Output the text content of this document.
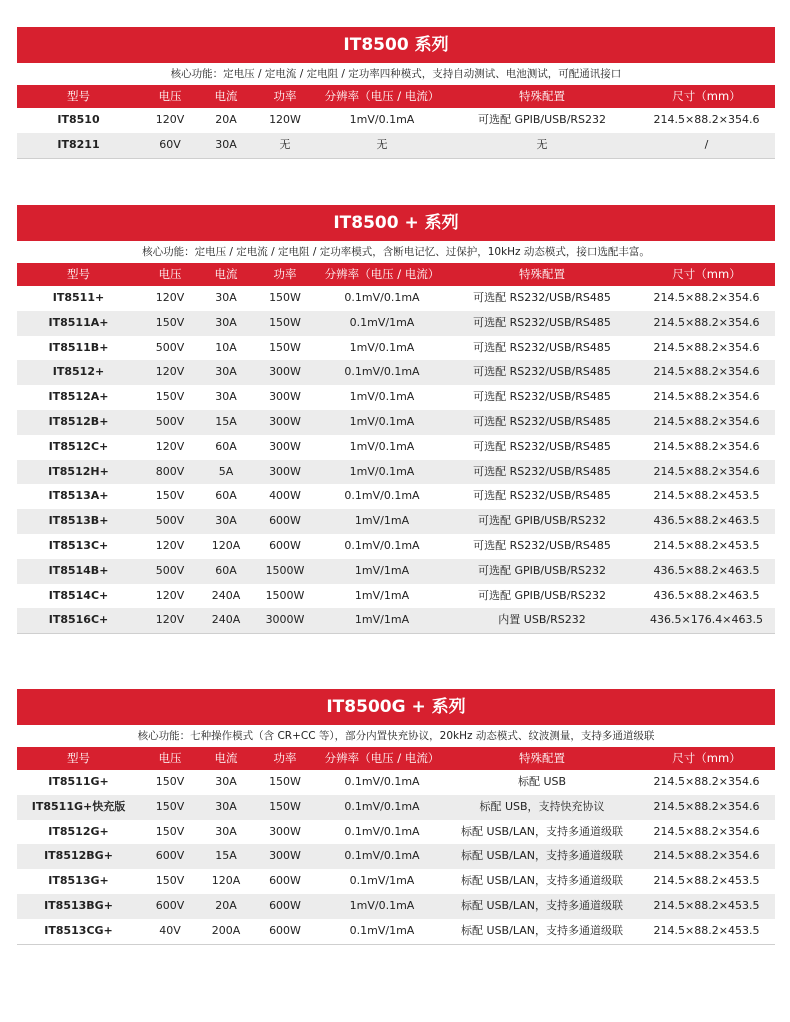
IT8500 系列
核心功能：定电压 / 定电流 / 定电阻 / 定功率四种模式，支持自动测试、电池测试，可配通讯接口
型号	电压	电流	功率	分辨率（电压 / 电流）	特殊配置	尺寸（mm）
IT8510	120V	20A	120W	1mV/0.1mA	可选配 GPIB/USB/RS232	214.5×88.2×354.6
IT8211	60V	30A	无	无	无	/
IT8500 + 系列
核心功能：定电压 / 定电流 / 定电阻 / 定功率模式，含断电记忆、过保护，10kHz 动态模式，接口选配丰富。
型号	电压	电流	功率	分辨率（电压 / 电流）	特殊配置	尺寸（mm）
IT8511+	120V	30A	150W	0.1mV/0.1mA	可选配 RS232/USB/RS485	214.5×88.2×354.6
IT8511A+	150V	30A	150W	0.1mV/1mA	可选配 RS232/USB/RS485	214.5×88.2×354.6
IT8511B+	500V	10A	150W	1mV/0.1mA	可选配 RS232/USB/RS485	214.5×88.2×354.6
IT8512+	120V	30A	300W	0.1mV/0.1mA	可选配 RS232/USB/RS485	214.5×88.2×354.6
IT8512A+	150V	30A	300W	1mV/0.1mA	可选配 RS232/USB/RS485	214.5×88.2×354.6
IT8512B+	500V	15A	300W	1mV/0.1mA	可选配 RS232/USB/RS485	214.5×88.2×354.6
IT8512C+	120V	60A	300W	1mV/0.1mA	可选配 RS232/USB/RS485	214.5×88.2×354.6
IT8512H+	800V	5A	300W	1mV/0.1mA	可选配 RS232/USB/RS485	214.5×88.2×354.6
IT8513A+	150V	60A	400W	0.1mV/0.1mA	可选配 RS232/USB/RS485	214.5×88.2×453.5
IT8513B+	500V	30A	600W	1mV/1mA	可选配 GPIB/USB/RS232	436.5×88.2×463.5
IT8513C+	120V	120A	600W	0.1mV/0.1mA	可选配 RS232/USB/RS485	214.5×88.2×453.5
IT8514B+	500V	60A	1500W	1mV/1mA	可选配 GPIB/USB/RS232	436.5×88.2×463.5
IT8514C+	120V	240A	1500W	1mV/1mA	可选配 GPIB/USB/RS232	436.5×88.2×463.5
IT8516C+	120V	240A	3000W	1mV/1mA	内置 USB/RS232	436.5×176.4×463.5
IT8500G + 系列
核心功能：七种操作模式（含 CR+CC 等），部分内置快充协议，20kHz 动态模式、纹波测量，支持多通道级联
型号	电压	电流	功率	分辨率（电压 / 电流）	特殊配置	尺寸（mm）
IT8511G+	150V	30A	150W	0.1mV/0.1mA	标配 USB	214.5×88.2×354.6
IT8511G+快充版	150V	30A	150W	0.1mV/0.1mA	标配 USB，支持快充协议	214.5×88.2×354.6
IT8512G+	150V	30A	300W	0.1mV/0.1mA	标配 USB/LAN，支持多通道级联	214.5×88.2×354.6
IT8512BG+	600V	15A	300W	0.1mV/0.1mA	标配 USB/LAN，支持多通道级联	214.5×88.2×354.6
IT8513G+	150V	120A	600W	0.1mV/1mA	标配 USB/LAN，支持多通道级联	214.5×88.2×453.5
IT8513BG+	600V	20A	600W	1mV/0.1mA	标配 USB/LAN，支持多通道级联	214.5×88.2×453.5
IT8513CG+	40V	200A	600W	0.1mV/1mA	标配 USB/LAN，支持多通道级联	214.5×88.2×453.5
